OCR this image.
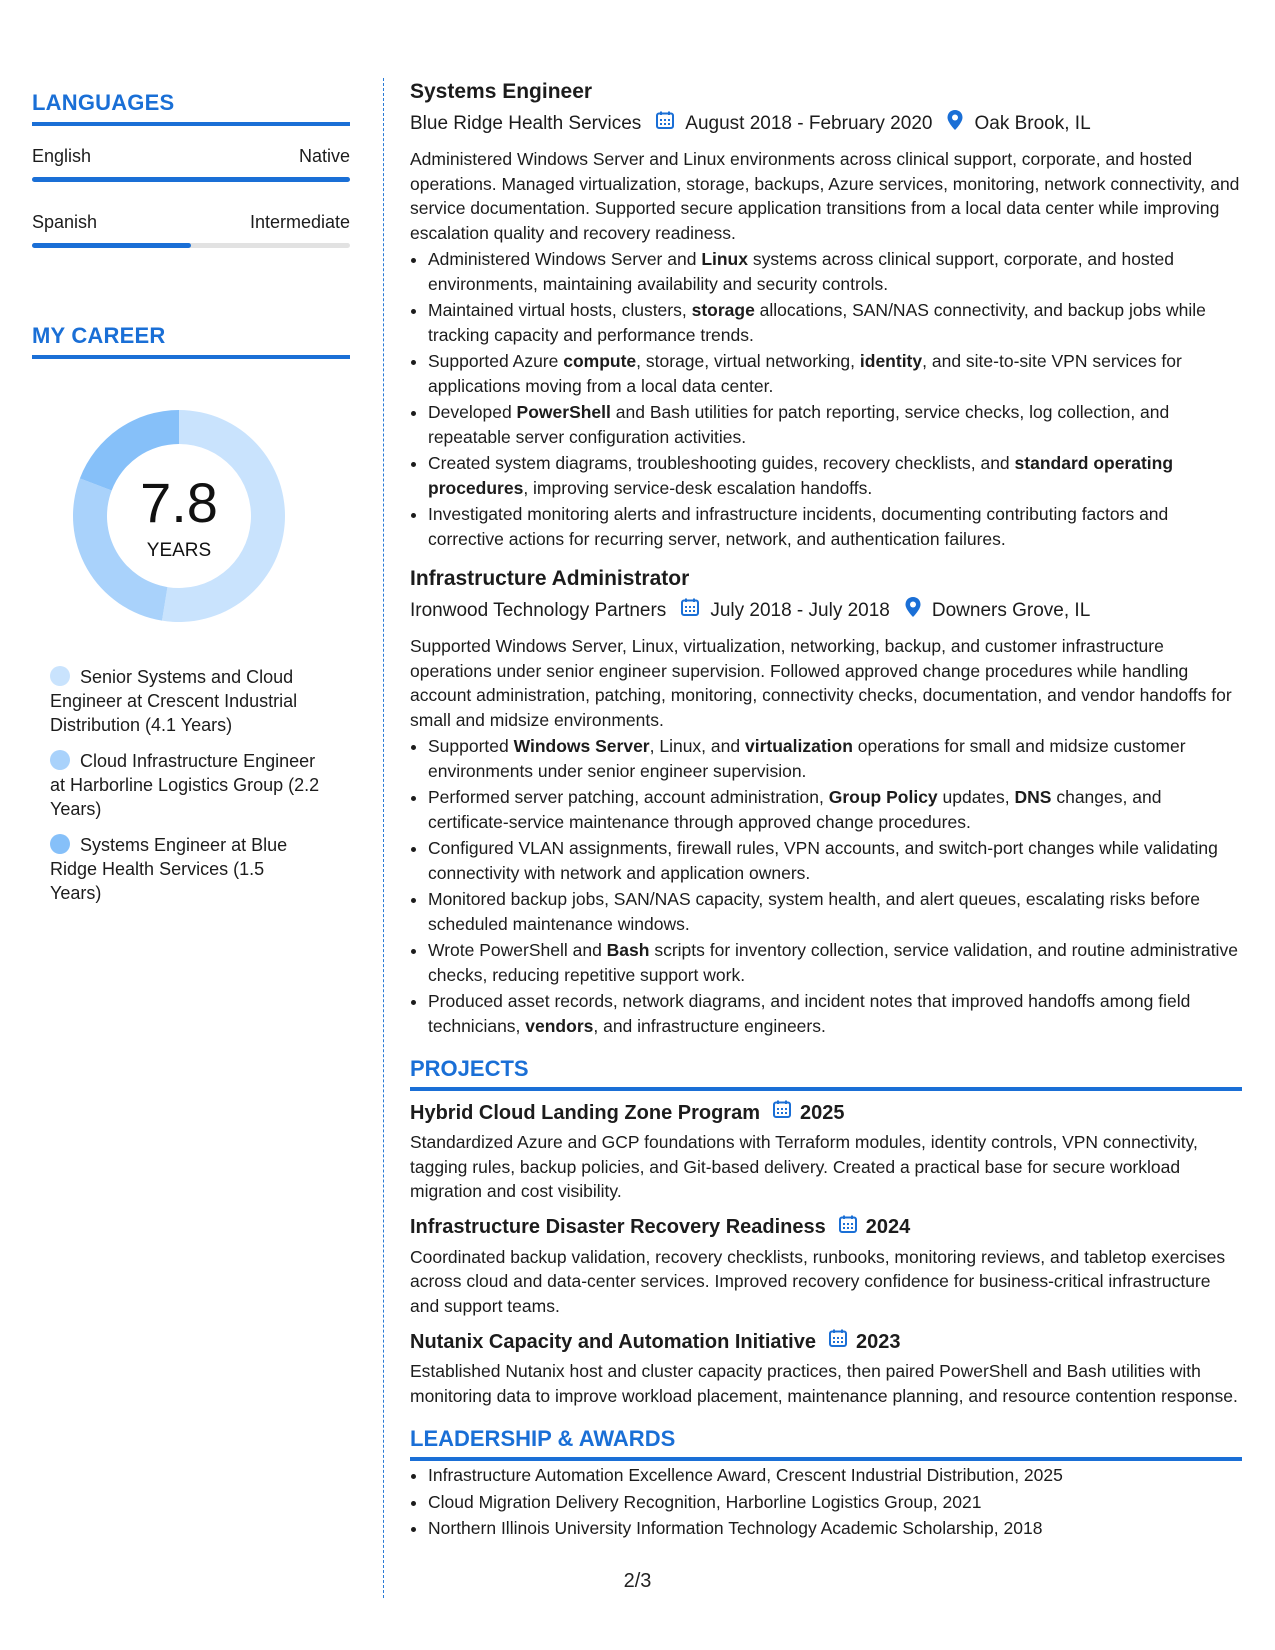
LANGUAGES
English	Native
Spanish	Intermediate
MY CAREER
7.8
YEARS
Senior Systems and Cloud Engineer at Crescent Industrial Distribution (4.1 Years)
Cloud Infrastructure Engineer at Harborline Logistics Group (2.2 Years)
Systems Engineer at Blue Ridge Health Services (1.5 Years)
Systems Engineer
Blue Ridge Health Services August 2018 - February 2020 Oak Brook, IL
Administered Windows Server and Linux environments across clinical support, corporate, and hosted operations. Managed virtualization, storage, backups, Azure services, monitoring, network connectivity, and service documentation. Supported secure application transitions from a local data center while improving escalation quality and recovery readiness.
• Administered Windows Server and Linux systems across clinical support, corporate, and hosted environments, maintaining availability and security controls.
• Maintained virtual hosts, clusters, storage allocations, SAN/NAS connectivity, and backup jobs while tracking capacity and performance trends.
• Supported Azure compute, storage, virtual networking, identity, and site-to-site VPN services for applications moving from a local data center.
• Developed PowerShell and Bash utilities for patch reporting, service checks, log collection, and repeatable server configuration activities.
• Created system diagrams, troubleshooting guides, recovery checklists, and standard operating procedures, improving service-desk escalation handoffs.
• Investigated monitoring alerts and infrastructure incidents, documenting contributing factors and corrective actions for recurring server, network, and authentication failures.
Infrastructure Administrator
Ironwood Technology Partners July 2018 - July 2018 Downers Grove, IL
Supported Windows Server, Linux, virtualization, networking, backup, and customer infrastructure operations under senior engineer supervision. Followed approved change procedures while handling account administration, patching, monitoring, connectivity checks, documentation, and vendor handoffs for small and midsize environments.
• Supported Windows Server, Linux, and virtualization operations for small and midsize customer environments under senior engineer supervision.
• Performed server patching, account administration, Group Policy updates, DNS changes, and certificate-service maintenance through approved change procedures.
• Configured VLAN assignments, firewall rules, VPN accounts, and switch-port changes while validating connectivity with network and application owners.
• Monitored backup jobs, SAN/NAS capacity, system health, and alert queues, escalating risks before scheduled maintenance windows.
• Wrote PowerShell and Bash scripts for inventory collection, service validation, and routine administrative checks, reducing repetitive support work.
• Produced asset records, network diagrams, and incident notes that improved handoffs among field technicians, vendors, and infrastructure engineers.
PROJECTS
Hybrid Cloud Landing Zone Program 2025
Standardized Azure and GCP foundations with Terraform modules, identity controls, VPN connectivity, tagging rules, backup policies, and Git-based delivery. Created a practical base for secure workload migration and cost visibility.
Infrastructure Disaster Recovery Readiness 2024
Coordinated backup validation, recovery checklists, runbooks, monitoring reviews, and tabletop exercises across cloud and data-center services. Improved recovery confidence for business-critical infrastructure and support teams.
Nutanix Capacity and Automation Initiative 2023
Established Nutanix host and cluster capacity practices, then paired PowerShell and Bash utilities with monitoring data to improve workload placement, maintenance planning, and resource contention response.
LEADERSHIP & AWARDS
• Infrastructure Automation Excellence Award, Crescent Industrial Distribution, 2025
• Cloud Migration Delivery Recognition, Harborline Logistics Group, 2021
• Northern Illinois University Information Technology Academic Scholarship, 2018
2/3
